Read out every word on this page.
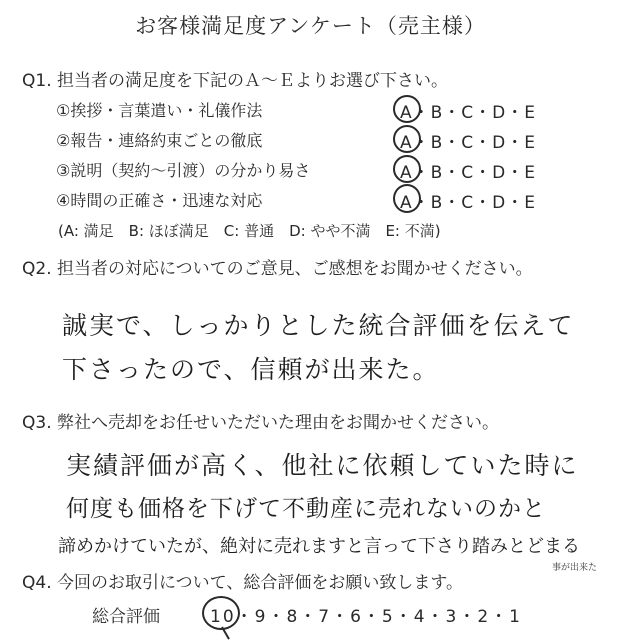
お客様満足度アンケート（売主様）
Q1. 担当者の満足度を下記のＡ〜Ｅよりお選び下さい。
①挨拶・言葉遣い・礼儀作法	A・B・C・D・E
②報告・連絡約束ごとの徹底	A・B・C・D・E
③説明（契約〜引渡）の分かり易さ	A・B・C・D・E
④時間の正確さ・迅速な対応	A・B・C・D・E
(A: 満足　B: ほぼ満足　C: 普通　D: やや不満　E: 不満)
Q2. 担当者の対応についてのご意見、ご感想をお聞かせください。
誠実で、しっかりとした統合評価を伝えて
下さったので、信頼が出来た。
Q3. 弊社へ売却をお任せいただいた理由をお聞かせください。
実績評価が高く、他社に依頼していた時に
何度も価格を下げて不動産に売れないのかと
諦めかけていたが、絶対に売れますと言って下さり踏みとどまる
事が出来た
Q4. 今回のお取引について、総合評価をお願い致します。
総合評価	10・9・8・7・6・5・4・3・2・1
